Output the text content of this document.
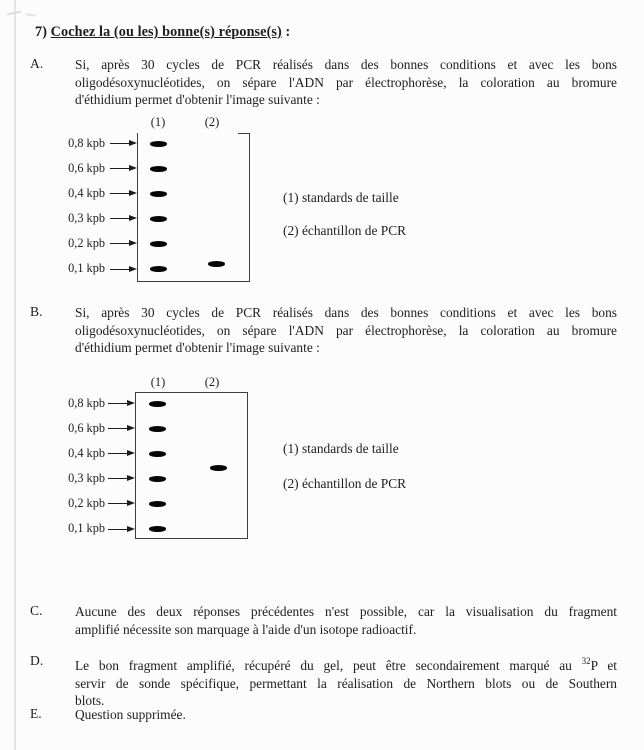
7) Cochez la (ou les) bonne(s) réponse(s) :
A. Si, après 30 cycles de PCR réalisés dans des bonnes conditions et avec les bons
oligodésoxynucléotides, on sépare l'ADN par électrophorèse, la coloration au bromure
d'éthidium permet d'obtenir l'image suivante :
(1)	(2)
0,8 kpb
0,6 kpb
0,4 kpb
0,3 kpb
0,2 kpb
0,1 kpb
(1) standards de taille
(2) échantillon de PCR
B. Si, après 30 cycles de PCR réalisés dans des bonnes conditions et avec les bons
oligodésoxynucléotides, on sépare l'ADN par électrophorèse, la coloration au bromure
d'éthidium permet d'obtenir l'image suivante :
(1)	(2)
0,8 kpb
0,6 kpb
0,4 kpb
0,3 kpb
0,2 kpb
0,1 kpb
(1) standards de taille
(2) échantillon de PCR
C. Aucune des deux réponses précédentes n'est possible, car la visualisation du fragment
amplifié nécessite son marquage à l'aide d'un isotope radioactif.
D. Le bon fragment amplifié, récupéré du gel, peut être secondairement marqué au $^{32}$P et
servir de sonde spécifique, permettant la réalisation de Northern blots ou de Southern
blots.
E. Question supprimée.
